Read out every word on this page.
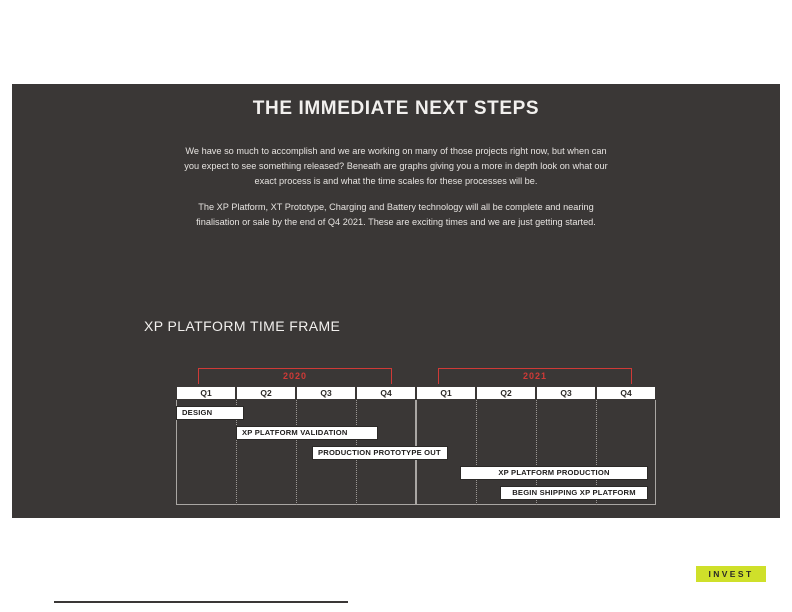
THE IMMEDIATE NEXT STEPS
We have so much to accomplish and we are working on many of those projects right now, but when can you expect to see something released? Beneath are graphs giving you a more in depth look on what our exact process is and what the time scales for these processes will be.
The XP Platform, XT Prototype, Charging and Battery technology will all be complete and nearing finalisation or sale by the end of Q4 2021. These are exciting times and we are just getting started.
XP PLATFORM TIME FRAME
2020	2021
Q1	Q2	Q3	Q4	Q1	Q2	Q3	Q4
DESIGN
XP PLATFORM VALIDATION
PRODUCTION PROTOTYPE OUT
XP PLATFORM PRODUCTION
BEGIN SHIPPING XP PLATFORM
INVEST
